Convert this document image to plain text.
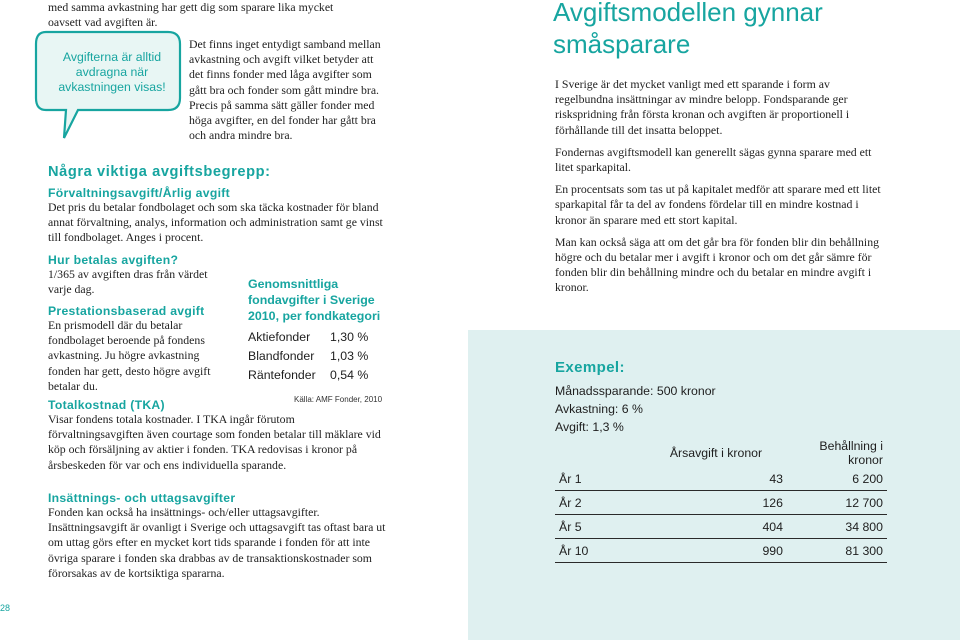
med samma avkastning har gett dig som sparare lika mycket

oavsett vad avgiften är.

Avgifterna är alltid avdragna när avkastningen visas!
Det finns inget entydigt samband mellan avkastning och avgift vilket betyder att det finns fonder med låga avgifter som gått bra och fonder som gått mindre bra. Precis på samma sätt gäller fonder med höga avgifter, en del fonder har gått bra och andra mindre bra.
Några viktiga avgiftsbegrepp:
Förvaltningsavgift/Årlig avgift
Det pris du betalar fondbolaget och som ska täcka kostnader för bland annat förvaltning, analys, information och administration samt ge vinst till fondbolaget. Anges i procent.
Hur betalas avgiften?
1/365 av avgiften dras från värdet varje dag.
Prestationsbaserad avgift
En prismodell där du betalar fondbolaget beroende på fondens avkastning. Ju högre avkastning fonden har gett, desto högre avgift betalar du.
Totalkostnad (TKA)
Visar fondens totala kostnader. I TKA ingår förutom förvaltningsavgiften även courtage som fonden betalar till mäklare vid köp och försäljning av aktier i fonden. TKA redovisas i kronor på årsbeskeden för var och ens individuella sparande.
Insättnings- och uttagsavgifter
Fonden kan också ha insättnings- och/eller uttagsavgifter. Insättningsavgift är ovanligt i Sverige och uttagsavgift tas oftast bara ut om uttag görs efter en mycket kort tids sparande i fonden för att inte övriga sparare i fonden ska drabbas av de transaktionskostnader som förorsakas av de kortsiktiga spararna.
Genomsnittliga fondavgifter i Sverige 2010, per fondkategori
Aktiefonder	1,30 %
Blandfonder	1,03 %
Räntefonder	0,54 %
Källa: AMF Fonder, 2010
28
Avgiftsmodellen gynnar småsparare

I Sverige är det mycket vanligt med ett sparande i form av regelbundna insättningar av mindre belopp. Fondsparande ger riskspridning från första kronan och avgiften är proportionell i förhållande till det insatta beloppet.

Fondernas avgiftsmodell kan generellt sägas gynna sparare med ett litet sparkapital.

En procentsats som tas ut på kapitalet medför att sparare med ett litet sparkapital får ta del av fondens fördelar till en mindre kostnad i kronor än sparare med ett stort kapital.

Man kan också säga att om det går bra för fonden blir din behållning högre och du betalar mer i avgift i kronor och om det går sämre för fonden blir din behållning mindre och du betalar en mindre avgift i kronor.

Exempel:
Månadssparande: 500 kronor
Avkastning: 6 %
Avgift: 1,3 %
	Årsavgift i kronor	Behållning i kronor
År 1	43	6 200
År 2	126	12 700
År 5	404	34 800
År 10	990	81 300
